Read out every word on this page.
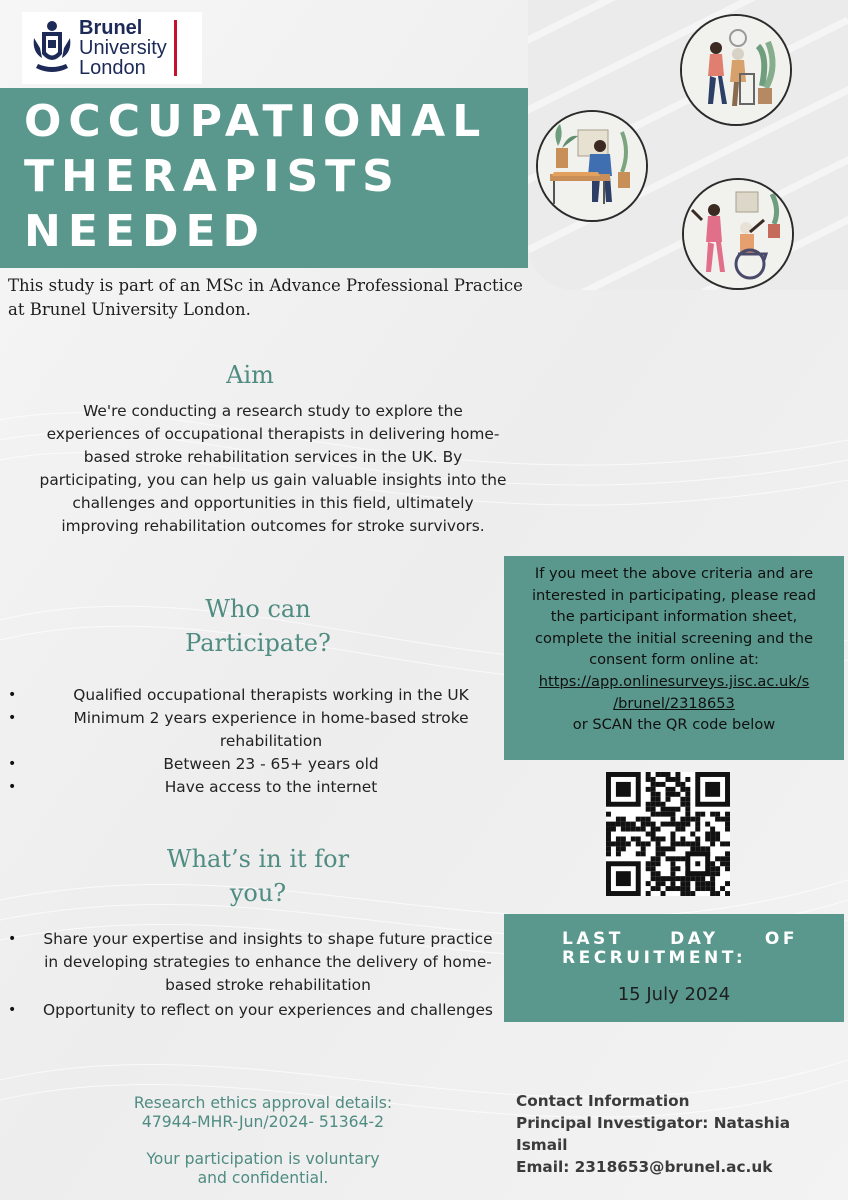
Brunel
University
London
OCCUPATIONAL
THERAPISTS
NEEDED

This study is part of an MSc in Advance Professional Practice at Brunel University London.

Aim

We're conducting a research study to explore the experiences of occupational therapists in delivering home-based stroke rehabilitation services in the UK. By participating, you can help us gain valuable insights into the challenges and opportunities in this field, ultimately improving rehabilitation outcomes for stroke survivors.

Who can
Participate?
• Qualified occupational therapists working in the UK
• Minimum 2 years experience in home-based stroke rehabilitation
• Between 23 - 65+ years old
• Have access to the internet
What’s in it for
you?
• Share your expertise and insights to shape future practice in developing strategies to enhance the delivery of home-based stroke rehabilitation
• Opportunity to reflect on your experiences and challenges

If you meet the above criteria and are interested in participating, please read the participant information sheet, complete the initial screening and the consent form online at:

https://app.onlinesurveys.jisc.ac.uk/s
/brunel/2318653

or SCAN the QR code below

LAST	DAY	OF
RECRUITMENT:
15 July 2024

Research ethics approval details:
47944-MHR-Jun/2024- 51364-2

Your participation is voluntary
and confidential.

Contact Information
Principal Investigator: Natashia Ismail
Email: 2318653@brunel.ac.uk
